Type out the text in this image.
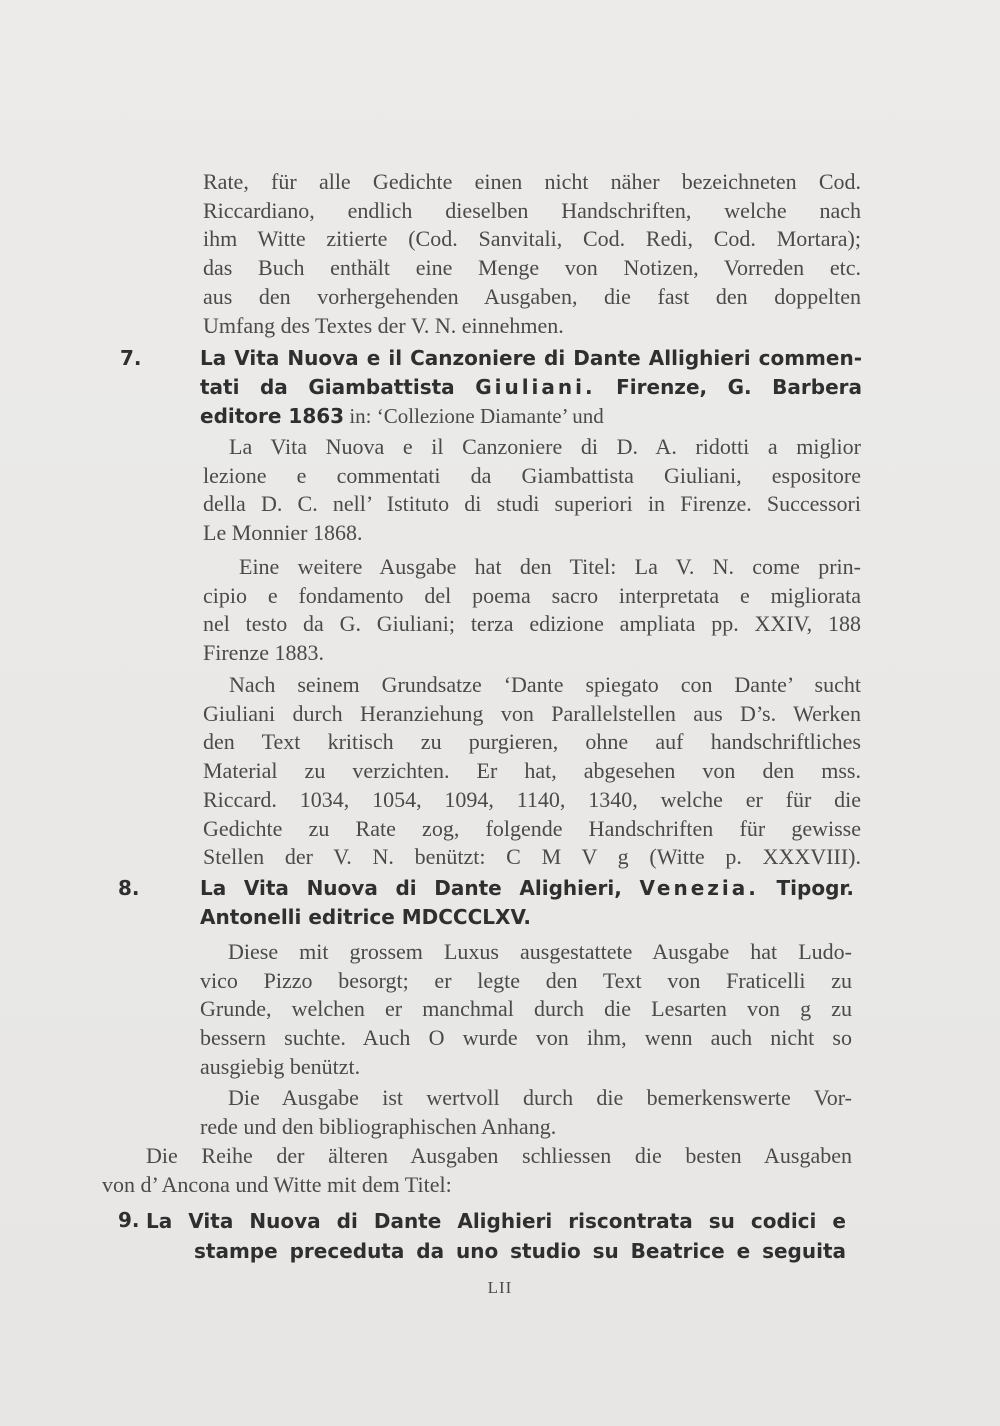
Rate, für alle Gedichte einen nicht näher bezeichneten Cod.
Riccardiano, endlich dieselben Handschriften, welche nach
ihm Witte zitierte (Cod. Sanvitali, Cod. Redi, Cod. Mortara);
das Buch enthält eine Menge von Notizen, Vorreden etc.
aus den vorhergehenden Ausgaben, die fast den doppelten
Umfang des Textes der V. N. einnehmen.
7.	La Vita Nuova e il Canzoniere di Dante Allighieri commen-
tati da Giambattista Giuliani. Firenze, G. Barbera
editore 1863 in: ‘Collezione Diamante’ und
La Vita Nuova e il Canzoniere di D. A. ridotti a miglior
lezione e commentati da Giambattista Giuliani, espositore
della D. C. nell’ Istituto di studi superiori in Firenze. Successori
Le Monnier 1868.
Eine weitere Ausgabe hat den Titel: La V. N. come prin-
cipio e fondamento del poema sacro interpretata e migliorata
nel testo da G. Giuliani; terza edizione ampliata pp. XXIV, 188
Firenze 1883.
Nach seinem Grundsatze ‘Dante spiegato con Dante’ sucht
Giuliani durch Heranziehung von Parallelstellen aus D’s. Werken
den Text kritisch zu purgieren, ohne auf handschriftliches
Material zu verzichten. Er hat, abgesehen von den mss.
Riccard. 1034, 1054, 1094, 1140, 1340, welche er für die
Gedichte zu Rate zog, folgende Handschriften für gewisse
Stellen der V. N. benützt: C M V g (Witte p. XXXVIII).
8.	La Vita Nuova di Dante Alighieri, Venezia. Tipogr.
Antonelli editrice MDCCCLXV.
Diese mit grossem Luxus ausgestattete Ausgabe hat Ludo-
vico Pizzo besorgt; er legte den Text von Fraticelli zu
Grunde, welchen er manchmal durch die Lesarten von g zu
bessern suchte. Auch O wurde von ihm, wenn auch nicht so
ausgiebig benützt.
Die Ausgabe ist wertvoll durch die bemerkenswerte Vor-
rede und den bibliographischen Anhang.
Die Reihe der älteren Ausgaben schliessen die besten Ausgaben
von d’ Ancona und Witte mit dem Titel:
9. La Vita Nuova di Dante Alighieri riscontrata su codici e
stampe preceduta da uno studio su Beatrice e seguita
LII
